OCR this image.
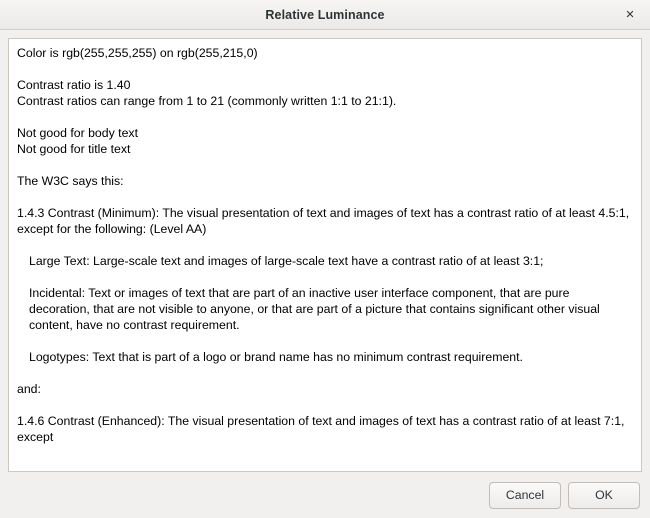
Relative Luminance	×
Color is rgb(255,255,255) on rgb(255,215,0)
Contrast ratio is 1.40
Contrast ratios can range from 1 to 21 (commonly written 1:1 to 21:1).
Not good for body text
Not good for title text
The W3C says this:
1.4.3 Contrast (Minimum): The visual presentation of text and images of text has a contrast ratio of at least 4.5:1, except for the following: (Level AA)
Large Text: Large-scale text and images of large-scale text have a contrast ratio of at least 3:1;
Incidental: Text or images of text that are part of an inactive user interface component, that are pure decoration, that are not visible to anyone, or that are part of a picture that contains significant other visual content, have no contrast requirement.
Logotypes: Text that is part of a logo or brand name has no minimum contrast requirement.
and:
1.4.6 Contrast (Enhanced): The visual presentation of text and images of text has a contrast ratio of at least 7:1, except
Cancel	OK
